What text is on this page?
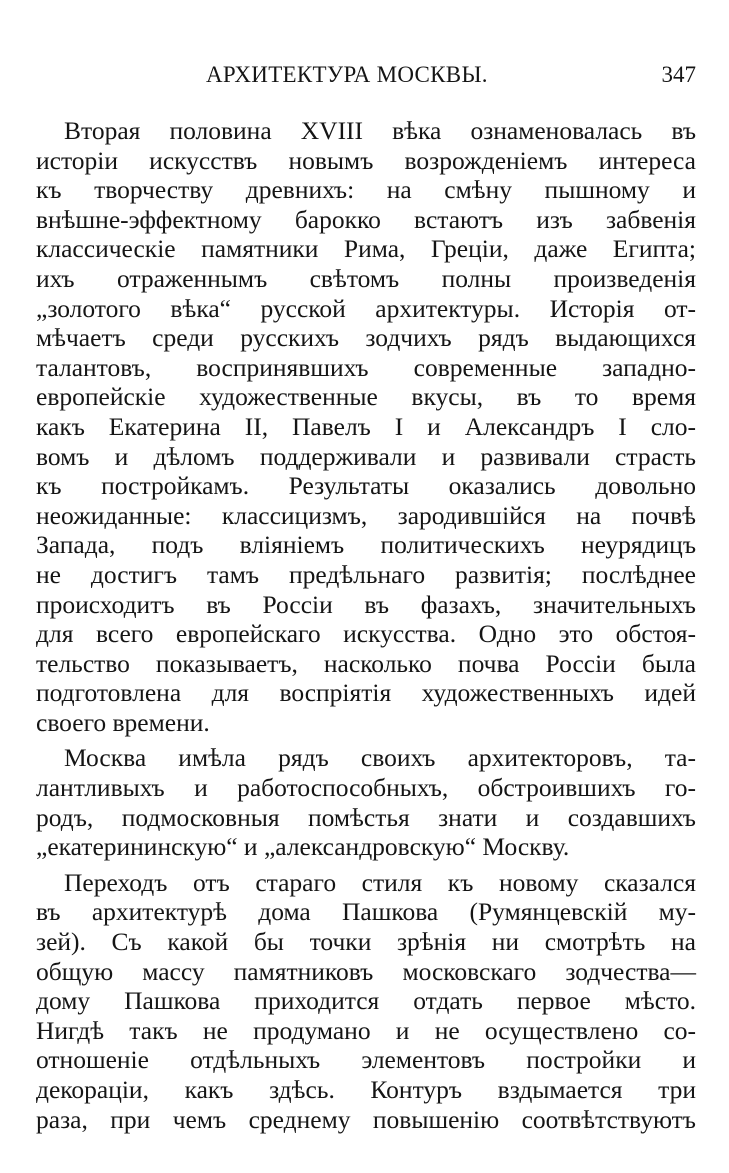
АРХИТЕКТУРА МОСКВЫ.	347
Вторая половина XVIII вѣка ознаменовалась въ
исторіи искусствъ новымъ возрожденіемъ интереса
къ творчеству древнихъ: на смѣну пышному и
внѣшне-эффектному барокко встаютъ изъ забвенія
классическіе памятники Рима, Греціи, даже Египта;
ихъ отраженнымъ свѣтомъ полны произведенія
„золотого вѣка“ русской архитектуры. Исторія от-
мѣчаетъ среди русскихъ зодчихъ рядъ выдающихся
талантовъ, воспринявшихъ современные западно-
европейскіе художественные вкусы, въ то время
какъ Екатерина II, Павелъ I и Александръ I сло-
вомъ и дѣломъ поддерживали и развивали страсть
къ постройкамъ. Результаты оказались довольно
неожиданные: классицизмъ, зародившійся на почвѣ
Запада, подъ вліяніемъ политическихъ неурядицъ
не достигъ тамъ предѣльнаго развитія; послѣднее
происходитъ въ Россіи въ фазахъ, значительныхъ
для всего европейскаго искусства. Одно это обстоя-
тельство показываетъ, насколько почва Россіи была
подготовлена для воспріятія художественныхъ идей
своего времени.
Москва имѣла рядъ своихъ архитекторовъ, та-
лантливыхъ и работоспособныхъ, обстроившихъ го-
родъ, подмосковныя помѣстья знати и создавшихъ
„екатерининскую“ и „александровскую“ Москву.
Переходъ отъ стараго стиля къ новому сказался
въ архитектурѣ дома Пашкова (Румянцевскій му-
зей). Съ какой бы точки зрѣнія ни смотрѣть на
общую массу памятниковъ московскаго зодчества—
дому Пашкова приходится отдать первое мѣсто.
Нигдѣ такъ не продумано и не осуществлено со-
отношеніе отдѣльныхъ элементовъ постройки и
декораціи, какъ здѣсь. Контуръ вздымается три
раза, при чемъ среднему повышенію соотвѣтствуютъ
